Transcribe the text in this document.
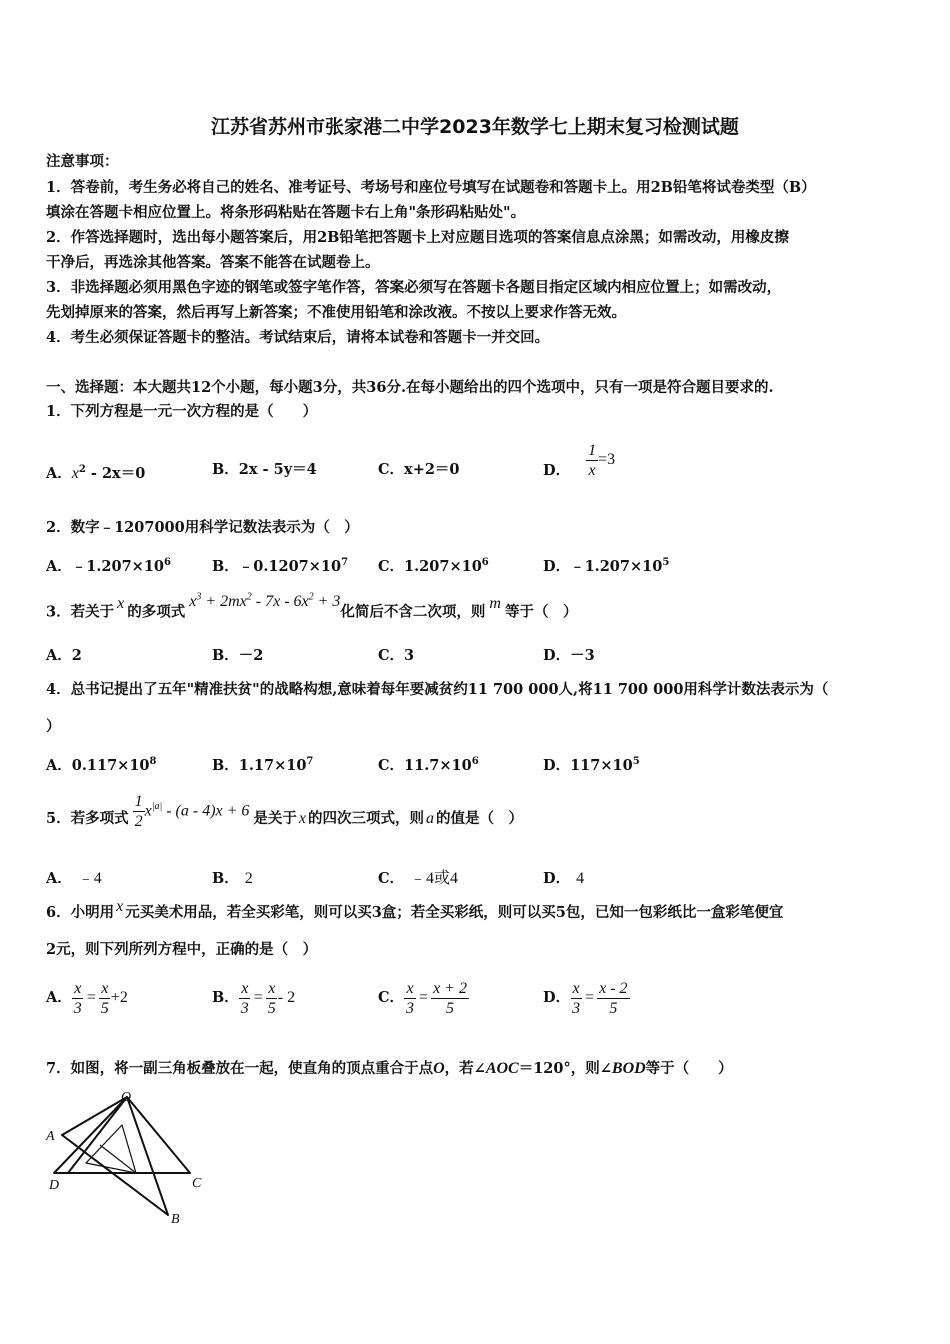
江苏省苏州市张家港二中学2023年数学七上期末复习检测试题
注意事项：
1．答卷前，考生务必将自己的姓名、准考证号、考场号和座位号填写在试题卷和答题卡上。用2B铅笔将试卷类型（B）
填涂在答题卡相应位置上。将条形码粘贴在答题卡右上角"条形码粘贴处"。
2．作答选择题时，选出每小题答案后，用2B铅笔把答题卡上对应题目选项的答案信息点涂黑；如需改动，用橡皮擦
干净后，再选涂其他答案。答案不能答在试题卷上。
3．非选择题必须用黑色字迹的钢笔或签字笔作答，答案必须写在答题卡各题目指定区域内相应位置上；如需改动，
先划掉原来的答案，然后再写上新答案；不准使用铅笔和涂改液。不按以上要求作答无效。
4．考生必须保证答题卡的整洁。考试结束后，请将本试卷和答题卡一并交回。
一、选择题：本大题共12个小题，每小题3分，共36分.在每小题给出的四个选项中，只有一项是符合题目要求的.
1．下列方程是一元一次方程的是（　　）
A．$x^2 - 2x=0$	B．2x - 5y＝4	C．x+2＝0	D． $\frac{1}{x} =3$
2．数字﹣1207000用科学记数法表示为（　）
A．$﹣1.207\times 10^6$	B．$﹣0.1207\times 10^7$ C．$1.207\times 10^6$	D．$﹣1.207\times 10^5$
3．若关于 x 的多项式$x^3 + 2mx^2 - 7x - 6x^2 + 3$化简后不含二次项，则 m 等于（　）
A．2	B．－2	C．3	D．－3
4．总书记提出了五年"精准扶贫"的战略构想,意味着每年要减贫约11 700 000人,将11 700 000用科学计数法表示为（
）
A．$0.117\times 10^8$	B．$1.17\times 10^7$	C．$11.7\times 10^6$	D．$117\times 10^5$
5．若多项式 $\frac{1}{2} x^{|a|} - (a - 4)x + 6$ 是关于 x 的四次三项式，则 a 的值是（　）
A． ﹣4	B． 2	C． ﹣4或4	D． 4
6．小明用 x 元买美术用品，若全买彩笔，则可以买3盒；若全买彩纸，则可以买5包，已知一包彩纸比一盒彩笔便宜
2元，则下列所列方程中，正确的是（　）
A． $\frac{x}{3} = \frac{x}{5} +2$	B． $\frac{x}{3} = \frac{x}{5} - 2$	C． $\frac{x}{3} = \frac{x + 2}{5}$	D． $\frac{x}{3} = \frac{x - 2}{5}$
7．如图，将一副三角板叠放在一起，使直角的顶点重合于点O，若∠AOC＝120°，则∠BOD等于（　　）
O
A
D	C
B
